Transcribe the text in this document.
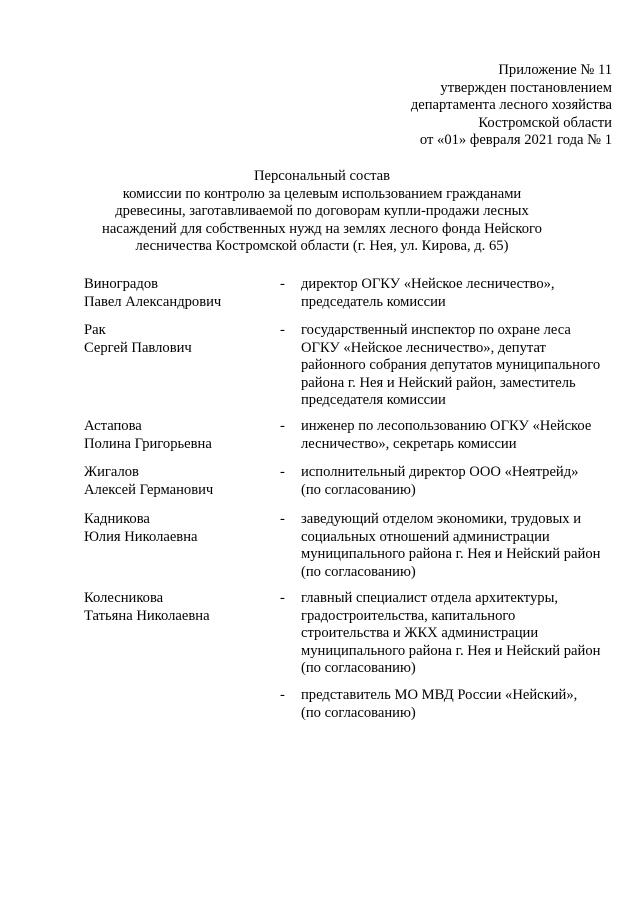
Приложение № 11
утвержден постановлением
департамента лесного хозяйства
Костромской области
от «01» февраля 2021 года № 1
Персональный состав
комиссии по контролю за целевым использованием гражданами
древесины, заготавливаемой по договорам купли-продажи лесных
насаждений для собственных нужд на землях лесного фонда Нейского
лесничества Костромской области (г. Нея, ул. Кирова, д. 65)
Виноградов
Павел Александрович
- директор ОГКУ «Нейское лесничество»,
председатель комиссии
Рак
Сергей Павлович
- государственный инспектор по охране леса
ОГКУ «Нейское лесничество», депутат
районного собрания депутатов муниципального
района г. Нея и Нейский район, заместитель
председателя комиссии
Астапова
Полина Григорьевна
- инженер по лесопользованию ОГКУ «Нейское
лесничество», секретарь комиссии
Жигалов
Алексей Германович
- исполнительный директор ООО «Неятрейд»
(по согласованию)
Кадникова
Юлия Николаевна
- заведующий отделом экономики, трудовых и
социальных отношений администрации
муниципального района г. Нея и Нейский район
(по согласованию)
Колесникова
Татьяна Николаевна
- главный специалист отдела архитектуры,
градостроительства, капитального
строительства и ЖКХ администрации
муниципального района г. Нея и Нейский район
(по согласованию)
- представитель МО МВД России «Нейский»,
(по согласованию)
